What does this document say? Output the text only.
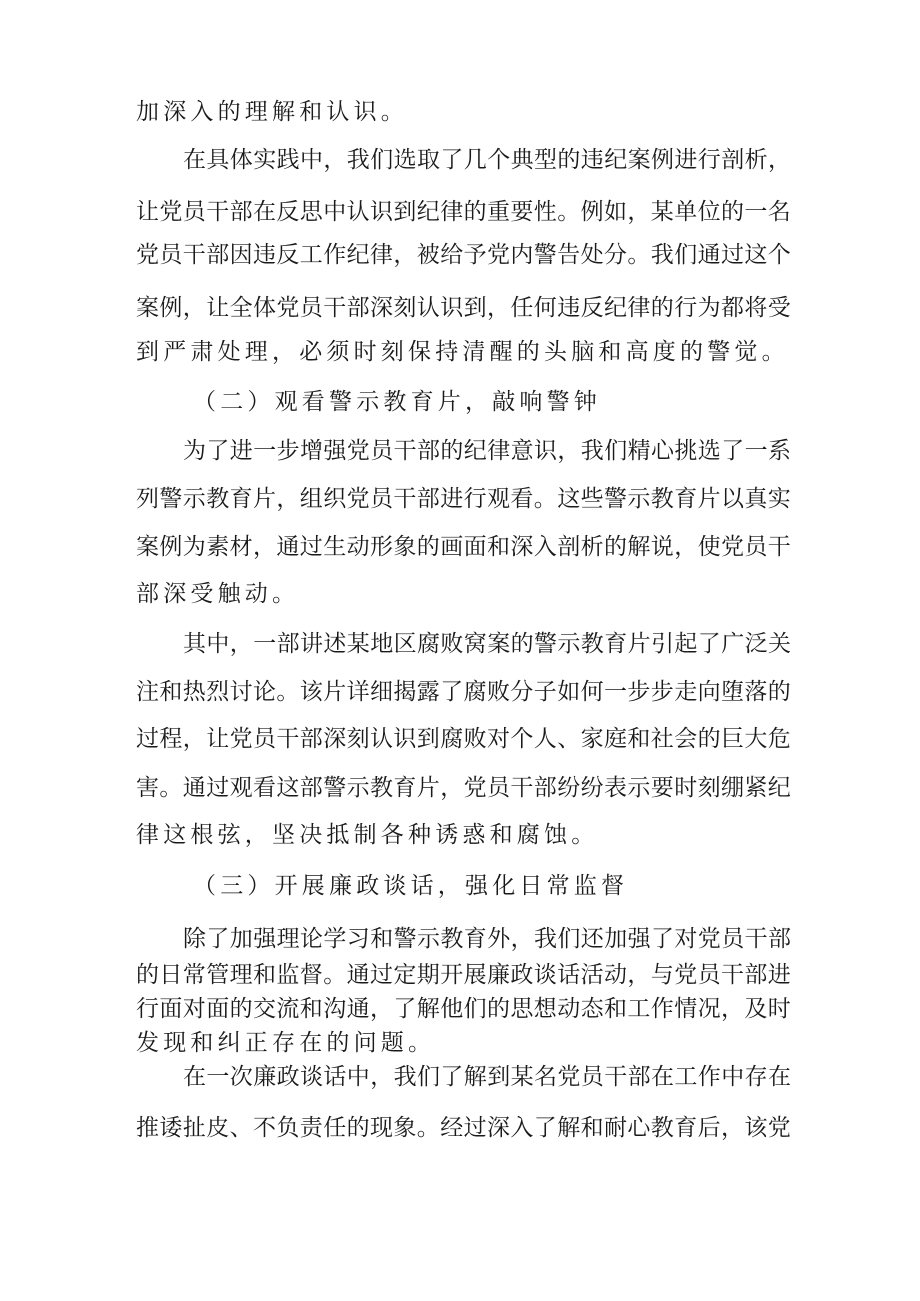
加深入的理解和认识。
在具体实践中，我们选取了几个典型的违纪案例进行剖析，
让党员干部在反思中认识到纪律的重要性。例如，某单位的一名
党员干部因违反工作纪律，被给予党内警告处分。我们通过这个
案例，让全体党员干部深刻认识到，任何违反纪律的行为都将受
到严肃处理，必须时刻保持清醒的头脑和高度的警觉。
（二）观看警示教育片，敲响警钟
为了进一步增强党员干部的纪律意识，我们精心挑选了一系
列警示教育片，组织党员干部进行观看。这些警示教育片以真实
案例为素材，通过生动形象的画面和深入剖析的解说，使党员干
部深受触动。
其中，一部讲述某地区腐败窝案的警示教育片引起了广泛关
注和热烈讨论。该片详细揭露了腐败分子如何一步步走向堕落的
过程，让党员干部深刻认识到腐败对个人、家庭和社会的巨大危
害。通过观看这部警示教育片，党员干部纷纷表示要时刻绷紧纪
律这根弦，坚决抵制各种诱惑和腐蚀。
（三）开展廉政谈话，强化日常监督
除了加强理论学习和警示教育外，我们还加强了对党员干部
的日常管理和监督。通过定期开展廉政谈话活动，与党员干部进
行面对面的交流和沟通，了解他们的思想动态和工作情况，及时
发现和纠正存在的问题。
在一次廉政谈话中，我们了解到某名党员干部在工作中存在
推诿扯皮、不负责任的现象。经过深入了解和耐心教育后，该党
